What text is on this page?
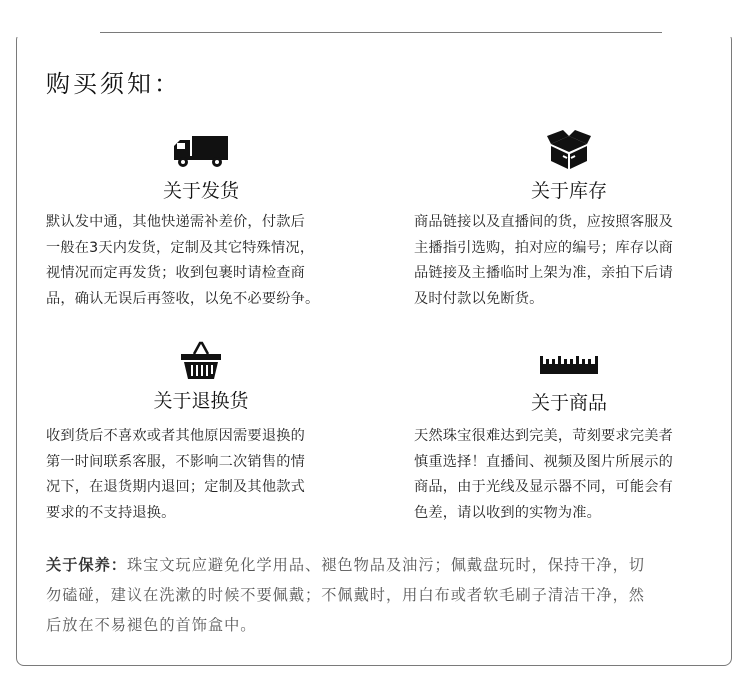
购买须知：
关于发货
默认发中通，其他快递需补差价，付款后
一般在3天内发货，定制及其它特殊情况，
视情况而定再发货；收到包裹时请检查商
品，确认无误后再签收，以免不必要纷争。
关于库存
商品链接以及直播间的货，应按照客服及
主播指引选购，拍对应的编号；库存以商
品链接及主播临时上架为准，亲拍下后请
及时付款以免断货。
关于退换货
收到货后不喜欢或者其他原因需要退换的
第一时间联系客服，不影响二次销售的情
况下，在退货期内退回；定制及其他款式
要求的不支持退换。
关于商品
天然珠宝很难达到完美，苛刻要求完美者
慎重选择！直播间、视频及图片所展示的
商品，由于光线及显示器不同，可能会有
色差，请以收到的实物为准。
关于保养：珠宝文玩应避免化学用品、褪色物品及油污；佩戴盘玩时，保持干净，切
勿磕碰，建议在洗漱的时候不要佩戴；不佩戴时，用白布或者软毛刷子清洁干净，然
后放在不易褪色的首饰盒中。
